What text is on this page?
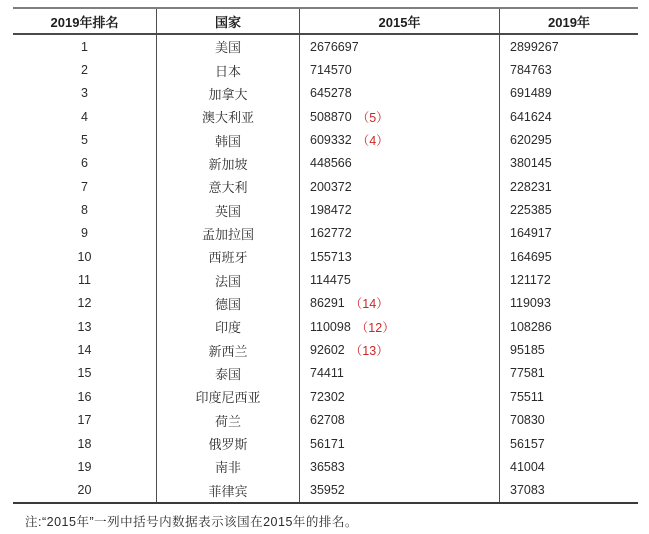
2019年排名	国家	2015年	2019年
1	美国	2676697	2899267
2	日本	714570	784763
3	加拿大	645278	691489
4	澳大利亚	508870 （5）	641624
5	韩国	609332 （4）	620295
6	新加坡	448566	380145
7	意大利	200372	228231
8	英国	198472	225385
9	孟加拉国	162772	164917
10	西班牙	155713	164695
11	法国	114475	121172
12	德国	86291 （14）	119093
13	印度	110098 （12）	108286
14	新西兰	92602 （13）	95185
15	泰国	74411	77581
16	印度尼西亚	72302	75511
17	荷兰	62708	70830
18	俄罗斯	56171	56157
19	南非	36583	41004
20	菲律宾	35952	37083
注:“2015年”一列中括号内数据表示该国在2015年的排名。
